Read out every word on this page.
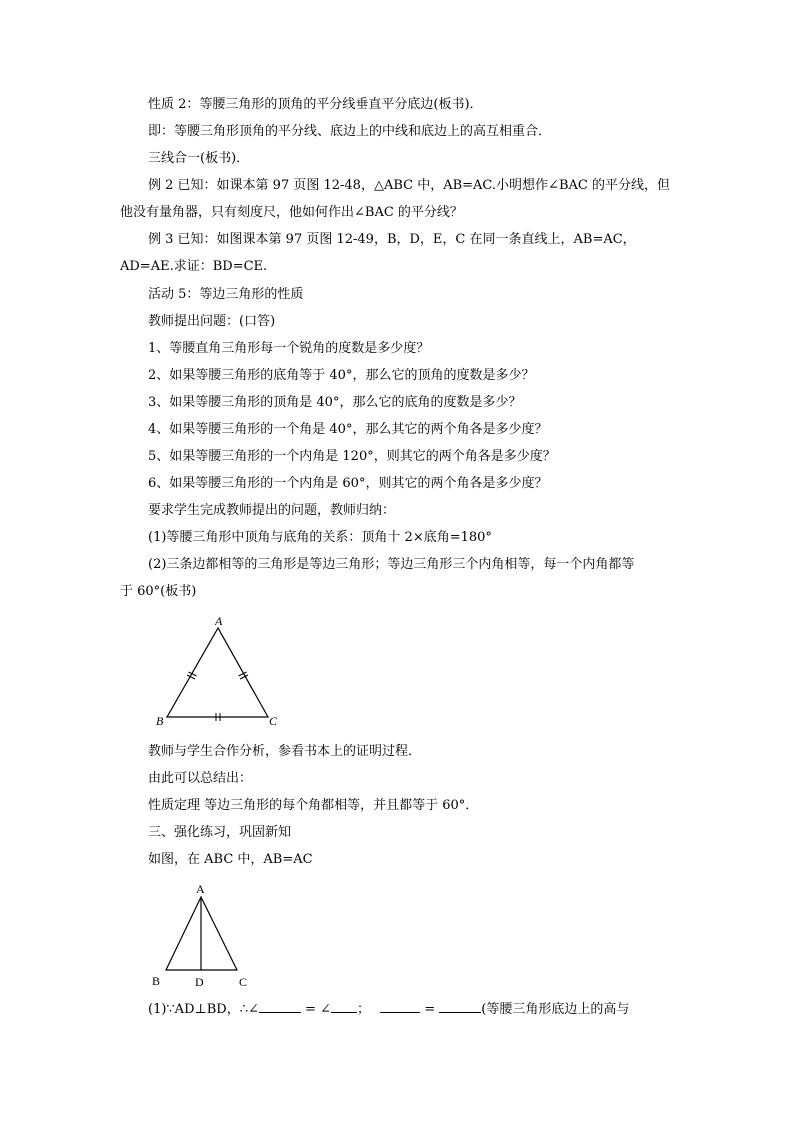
性质 2：等腰三角形的顶角的平分线垂直平分底边(板书)．
即：等腰三角形顶角的平分线、底边上的中线和底边上的高互相重合．
三线合一(板书)．
例 2 已知：如课本第 97 页图 12-48，△ABC 中，AB=AC.小明想作∠BAC 的平分线，但
他没有量角器，只有刻度尺，他如何作出∠BAC 的平分线？
例 3 已知：如图课本第 97 页图 12-49，B，D，E，C 在同一条直线上，AB=AC，
AD=AE.求证：BD=CE.
活动 5：等边三角形的性质
教师提出问题：(口答)
1、等腰直角三角形每一个锐角的度数是多少度？
2、如果等腰三角形的底角等于 40°，那么它的顶角的度数是多少？
3、如果等腰三角形的顶角是 40°，那么它的底角的度数是多少？
4、如果等腰三角形的一个角是 40°，那么其它的两个角各是多少度？
5、如果等腰三角形的一个内角是 120°，则其它的两个角各是多少度？
6、如果等腰三角形的一个内角是 60°，则其它的两个角各是多少度？
要求学生完成教师提出的问题，教师归纳：
(1)等腰三角形中顶角与底角的关系：顶角十 2×底角=180°
(2)三条边都相等的三角形是等边三角形；等边三角形三个内角相等，每一个内角都等
于 60°(板书)
A
B	C
教师与学生合作分析，参看书本上的证明过程．
由此可以总结出：
性质定理 等边三角形的每个角都相等，并且都等于 60°．
三、强化练习，巩固新知
如图，在 ABC 中，AB=AC
A
B	D	C
(1)∵AD⊥BD，∴∠	= ∠ ；	=	(等腰三角形底边上的高与
